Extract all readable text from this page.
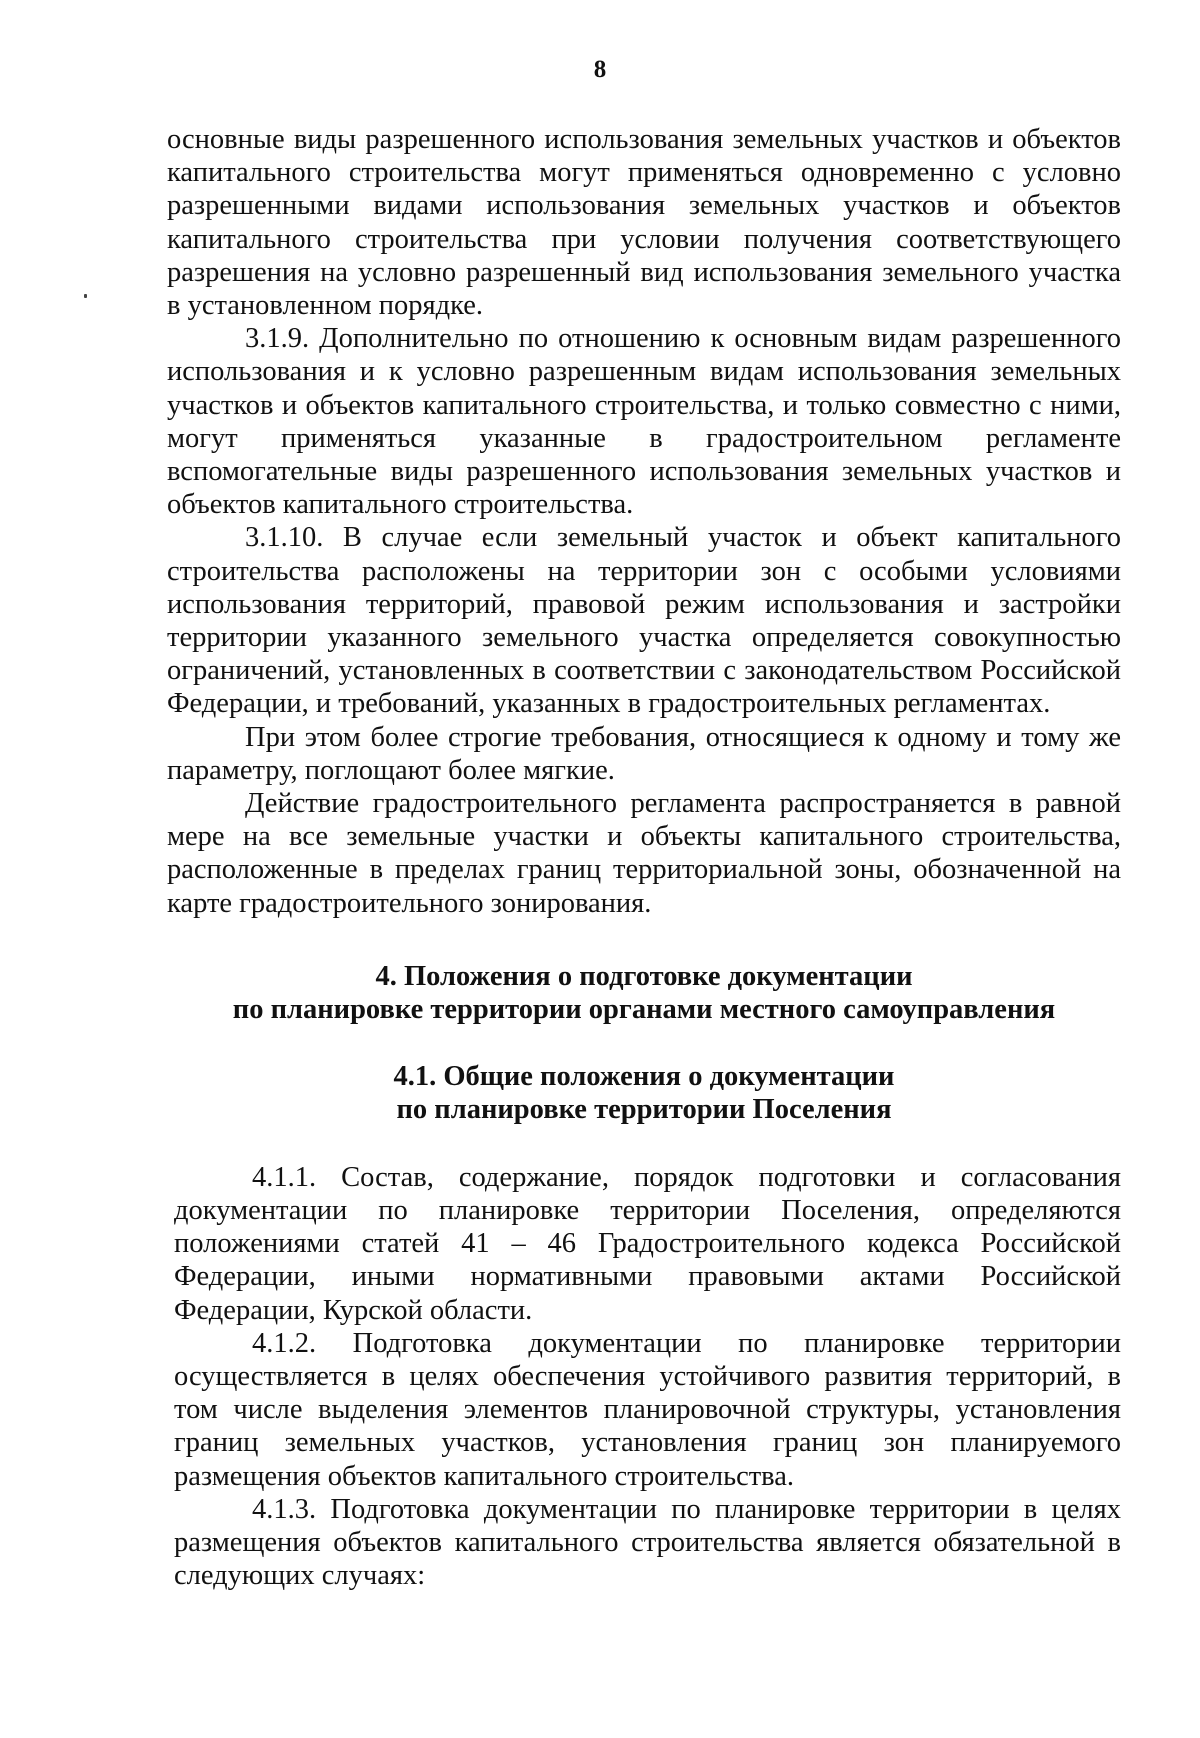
8

основные виды разрешенного использования земельных участков и объектов капитального строительства могут применяться одновременно с условно разрешенными видами использования земельных участков и объектов капитального строительства при условии получения соответствующего разрешения на условно разрешенный вид использования земельного участка в установленном порядке.

3.1.9. Дополнительно по отношению к основным видам разрешенного использования и к условно разрешенным видам использования земельных участков и объектов капитального строительства, и только совместно с ними, могут применяться указанные в градостроительном регламенте вспомогательные виды разрешенного использования земельных участков и объектов капитального строительства.

3.1.10. В случае если земельный участок и объект капитального строительства расположены на территории зон с особыми условиями использования территорий, правовой режим использования и застройки территории указанного земельного участка определяется совокупностью ограничений, установленных в соответствии с законодательством Российской Федерации, и требований, указанных в градостроительных регламентах.

При этом более строгие требования, относящиеся к одному и тому же параметру, поглощают более мягкие.

Действие градостроительного регламента распространяется в равной мере на все земельные участки и объекты капитального строительства, расположенные в пределах границ территориальной зоны, обозначенной на карте градостроительного зонирования.

4. Положения о подготовке документации
по планировке территории органами местного самоуправления
4.1. Общие положения о документации
по планировке территории Поселения

4.1.1. Состав, содержание, порядок подготовки и согласования документации по планировке территории Поселения, определяются положениями статей 41 – 46 Градостроительного кодекса Российской Федерации, иными нормативными правовыми актами Российской Федерации, Курской области.

4.1.2. Подготовка документации по планировке территории осуществляется в целях обеспечения устойчивого развития территорий, в том числе выделения элементов планировочной структуры, установления границ земельных участков, установления границ зон планируемого размещения объектов капитального строительства.

4.1.3. Подготовка документации по планировке территории в целях размещения объектов капитального строительства является обязательной в следующих случаях:
